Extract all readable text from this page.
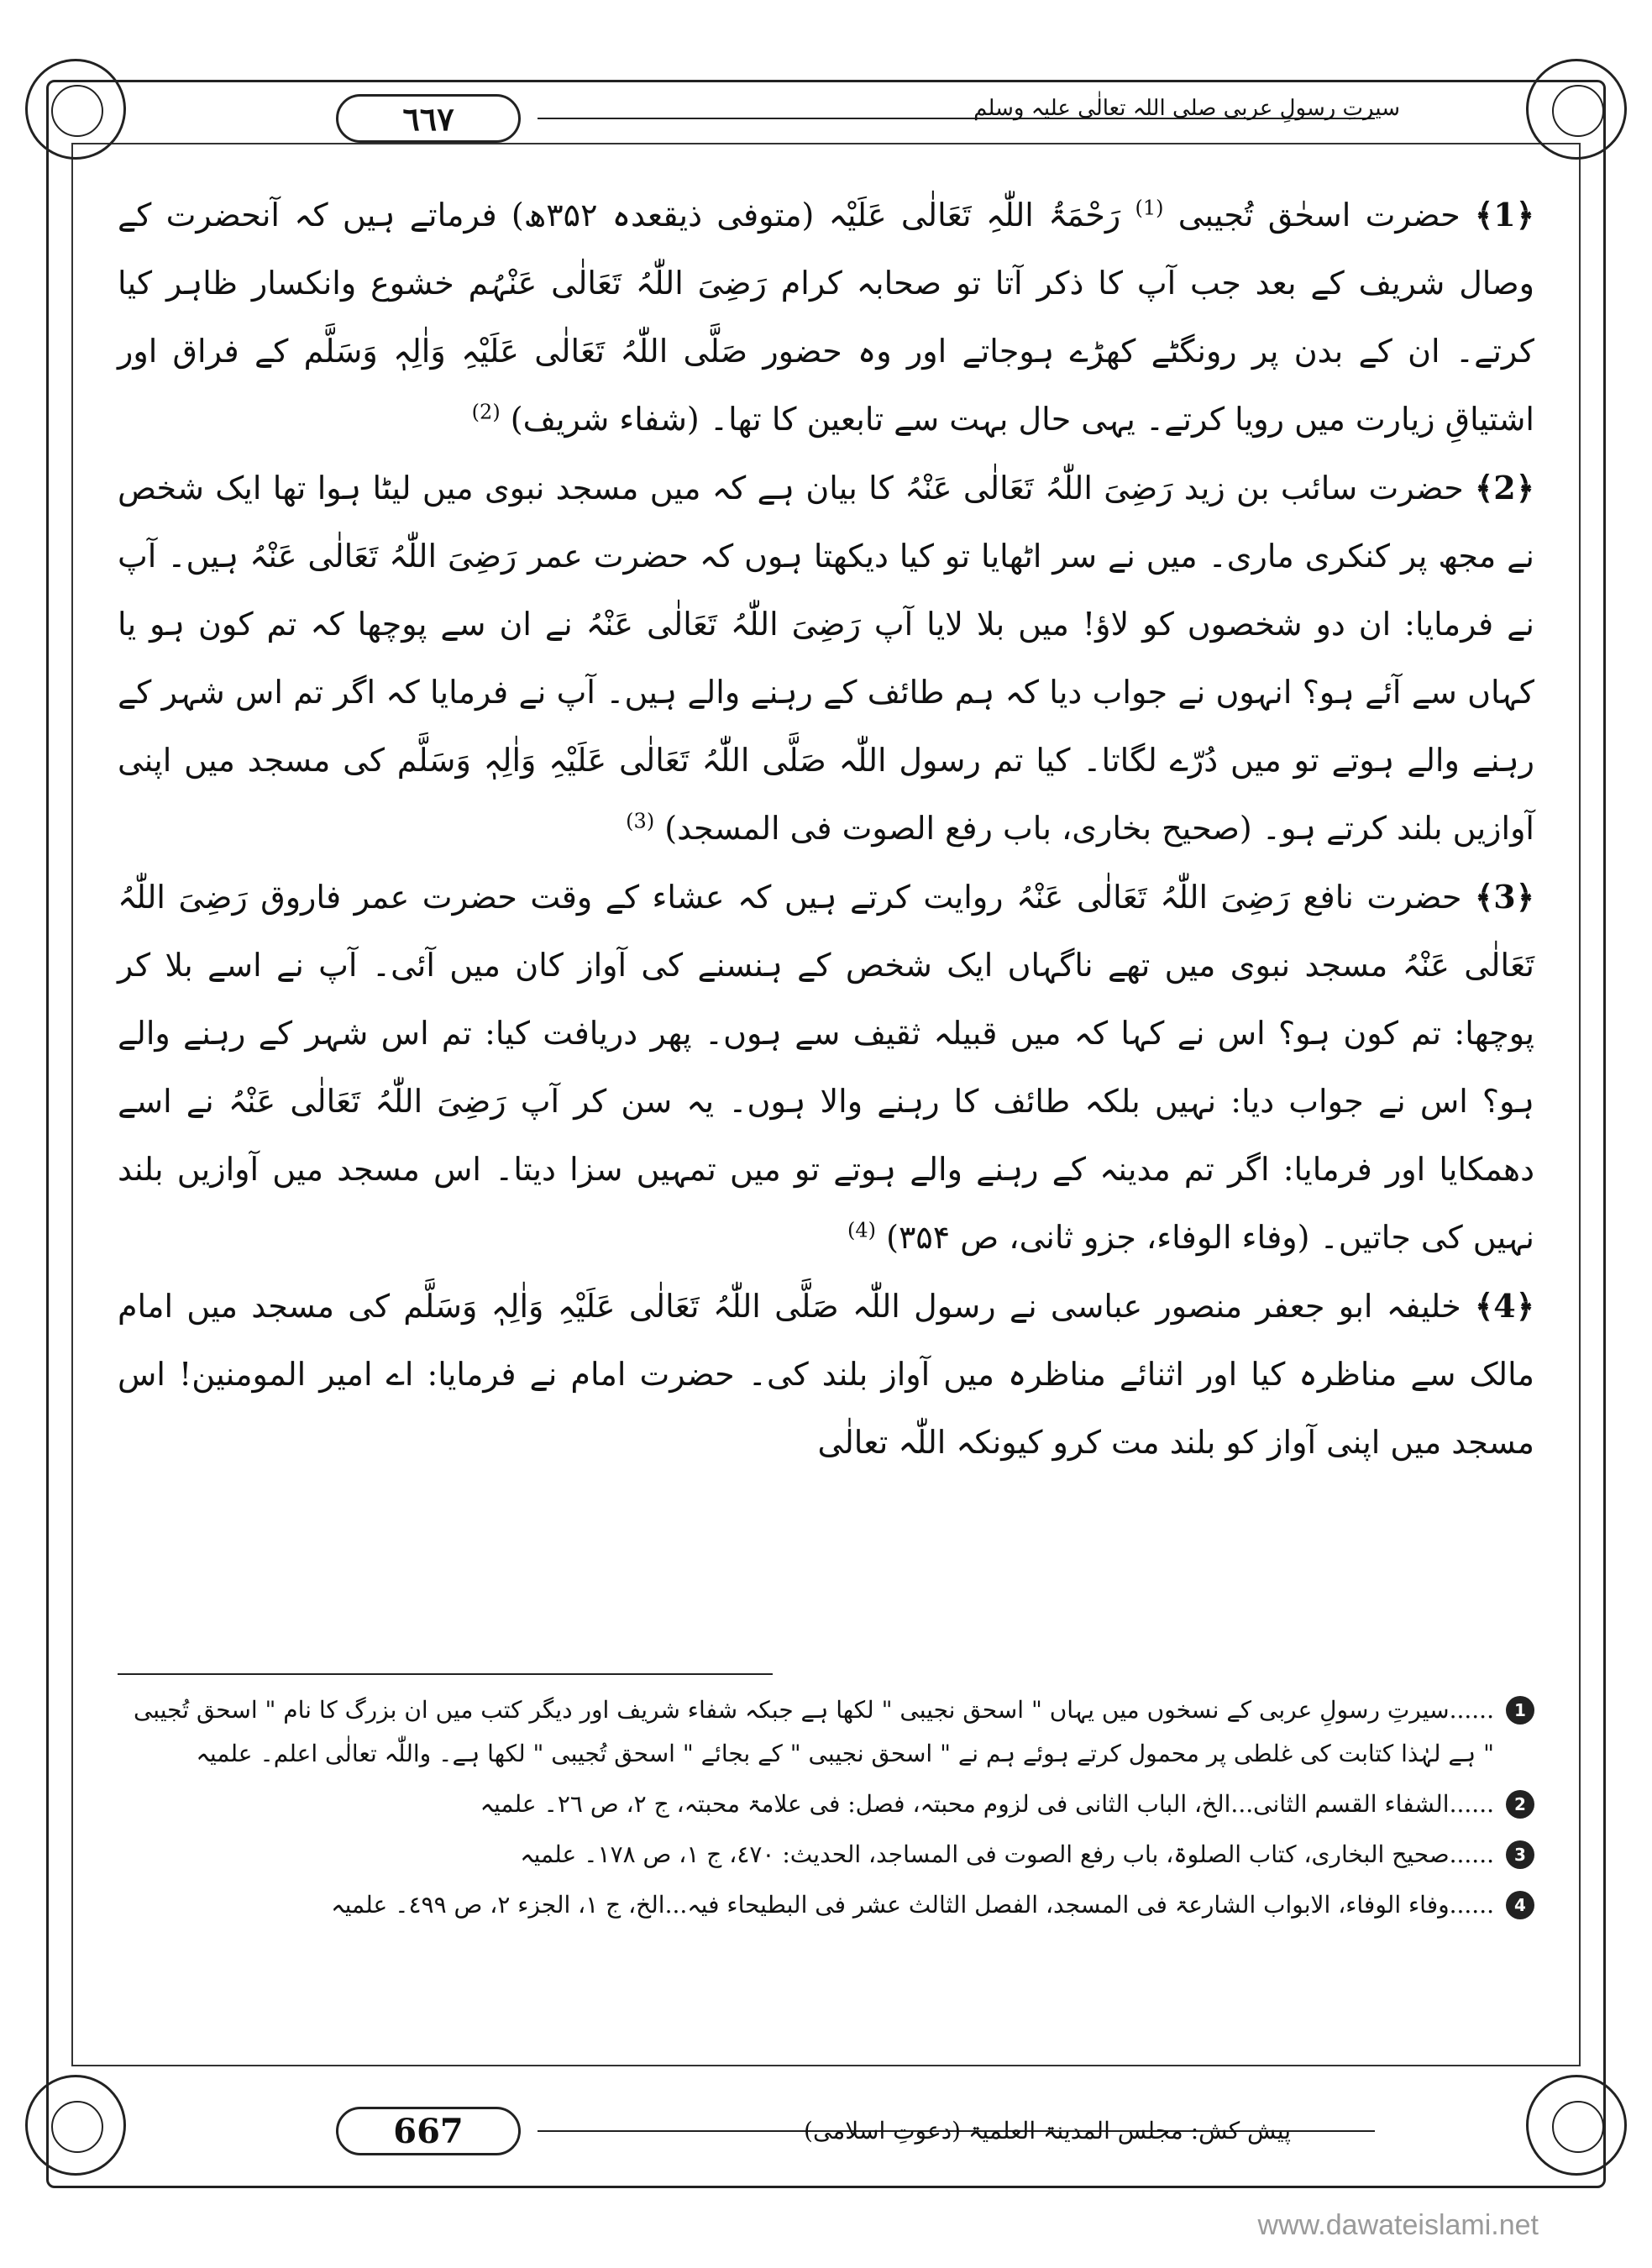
سیرتِ رسولِ عربی صلی اللہ تعالٰی علیہ وسلم
٦٦٧

﴿1﴾ حضرت اسحٰق تُجیبی $^{(1)}$ رَحْمَۃُ اللّٰہِ تَعَالٰی عَلَیْہ (متوفی ذیقعدہ ۳۵۲ھ) فرماتے ہیں کہ آنحضرت کے وصال شریف کے بعد جب آپ کا ذکر آتا تو صحابہ کرام رَضِیَ اللّٰہُ تَعَالٰی عَنْہُم خشوع وانکسار ظاہر کیا کرتے۔ ان کے بدن پر رونگٹے کھڑے ہوجاتے اور وہ حضور صَلَّی اللّٰہُ تَعَالٰی عَلَیْہِ وَاٰلِہٖ وَسَلَّم کے فراق اور اشتیاقِ زیارت میں رویا کرتے۔ یہی حال بہت سے تابعین کا تھا۔ (شفاء شریف) $^{(2)}$

﴿2﴾ حضرت سائب بن زید رَضِیَ اللّٰہُ تَعَالٰی عَنْہُ کا بیان ہے کہ میں مسجد نبوی میں لیٹا ہوا تھا ایک شخص نے مجھ پر کنکری ماری۔ میں نے سر اٹھایا تو کیا دیکھتا ہوں کہ حضرت عمر رَضِیَ اللّٰہُ تَعَالٰی عَنْہُ ہیں۔ آپ نے فرمایا: ان دو شخصوں کو لاؤ! میں بلا لایا آپ رَضِیَ اللّٰہُ تَعَالٰی عَنْہُ نے ان سے پوچھا کہ تم کون ہو یا کہاں سے آئے ہو؟ انہوں نے جواب دیا کہ ہم طائف کے رہنے والے ہیں۔ آپ نے فرمایا کہ اگر تم اس شہر کے رہنے والے ہوتے تو میں دُرّے لگاتا۔ کیا تم رسول اللّٰہ صَلَّی اللّٰہُ تَعَالٰی عَلَیْہِ وَاٰلِہٖ وَسَلَّم کی مسجد میں اپنی آوازیں بلند کرتے ہو۔ (صحیح بخاری، باب رفع الصوت فی المسجد) $^{(3)}$

﴿3﴾ حضرت نافع رَضِیَ اللّٰہُ تَعَالٰی عَنْہُ روایت کرتے ہیں کہ عشاء کے وقت حضرت عمر فاروق رَضِیَ اللّٰہُ تَعَالٰی عَنْہُ مسجد نبوی میں تھے ناگہاں ایک شخص کے ہنسنے کی آواز کان میں آئی۔ آپ نے اسے بلا کر پوچھا: تم کون ہو؟ اس نے کہا کہ میں قبیلہ ثقیف سے ہوں۔ پھر دریافت کیا: تم اس شہر کے رہنے والے ہو؟ اس نے جواب دیا: نہیں بلکہ طائف کا رہنے والا ہوں۔ یہ سن کر آپ رَضِیَ اللّٰہُ تَعَالٰی عَنْہُ نے اسے دھمکایا اور فرمایا: اگر تم مدینہ کے رہنے والے ہوتے تو میں تمہیں سزا دیتا۔ اس مسجد میں آوازیں بلند نہیں کی جاتیں۔ (وفاء الوفاء، جزو ثانی، ص ۳۵۴) $^{(4)}$

﴿4﴾ خلیفہ ابو جعفر منصور عباسی نے رسول اللّٰہ صَلَّی اللّٰہُ تَعَالٰی عَلَیْہِ وَاٰلِہٖ وَسَلَّم کی مسجد میں امام مالک سے مناظرہ کیا اور اثنائے مناظرہ میں آواز بلند کی۔ حضرت امام نے فرمایا: اے امیر المومنین! اس مسجد میں اپنی آواز کو بلند مت کرو کیونکہ اللّٰہ تعالٰی

1
......سیرتِ رسولِ عربی کے نسخوں میں یہاں " اسحق نجیبی " لکھا ہے جبکہ شفاء شریف اور دیگر کتب میں ان بزرگ کا نام " اسحق تُجیبی " ہے لہٰذا کتابت کی غلطی پر محمول کرتے ہوئے ہم نے " اسحق نجیبی " کے بجائے " اسحق تُجیبی " لکھا ہے۔ واللّٰہ تعالٰی اعلم۔ علمیہ
2
......الشفاء القسم الثانی...الخ، الباب الثانی فی لزوم محبتہ، فصل: فی علامۃ محبتہ، ج ۲، ص ۲٦۔ علمیہ
3
......صحیح البخاری، کتاب الصلوۃ، باب رفع الصوت فی المساجد، الحدیث: ٤٧٠، ج ١، ص ١٧٨۔ علمیہ
4
......وفاء الوفاء، الابواب الشارعۃ فی المسجد، الفصل الثالث عشر فی البطیحاء فیہ...الخ، ج ١، الجزء ٢، ص ٤٩٩۔ علمیہ
667	پیش کش: مجلس المدینۃ العلمیۃ (دعوتِ اسلامی)
www.dawateislami.net
